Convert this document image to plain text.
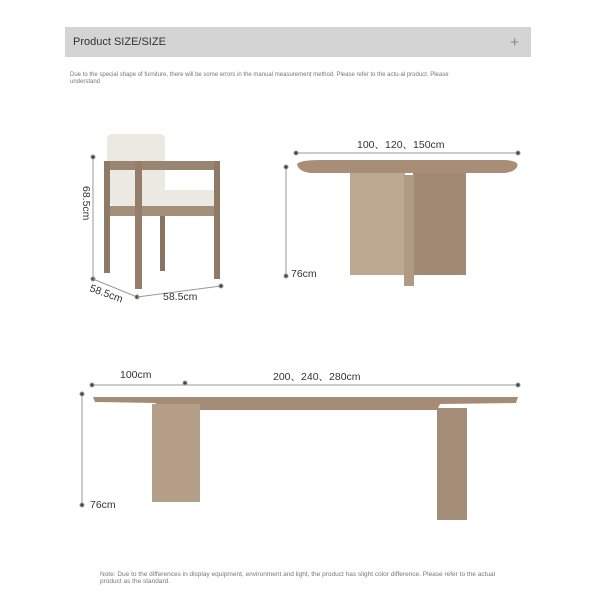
Product SIZE/SIZE	+
Due to the special shape of furniture, there will be some errors in the manual measurement method. Please refer to the actu-al product. Please understand
68.5cm
58.5cm	58.5cm
100、120、150cm
76cm
100cm	200、240、280cm
76cm
Note: Due to the differences in display equipment, environment and light, the product has slight color difference. Please refer to the actual product as the standard.
